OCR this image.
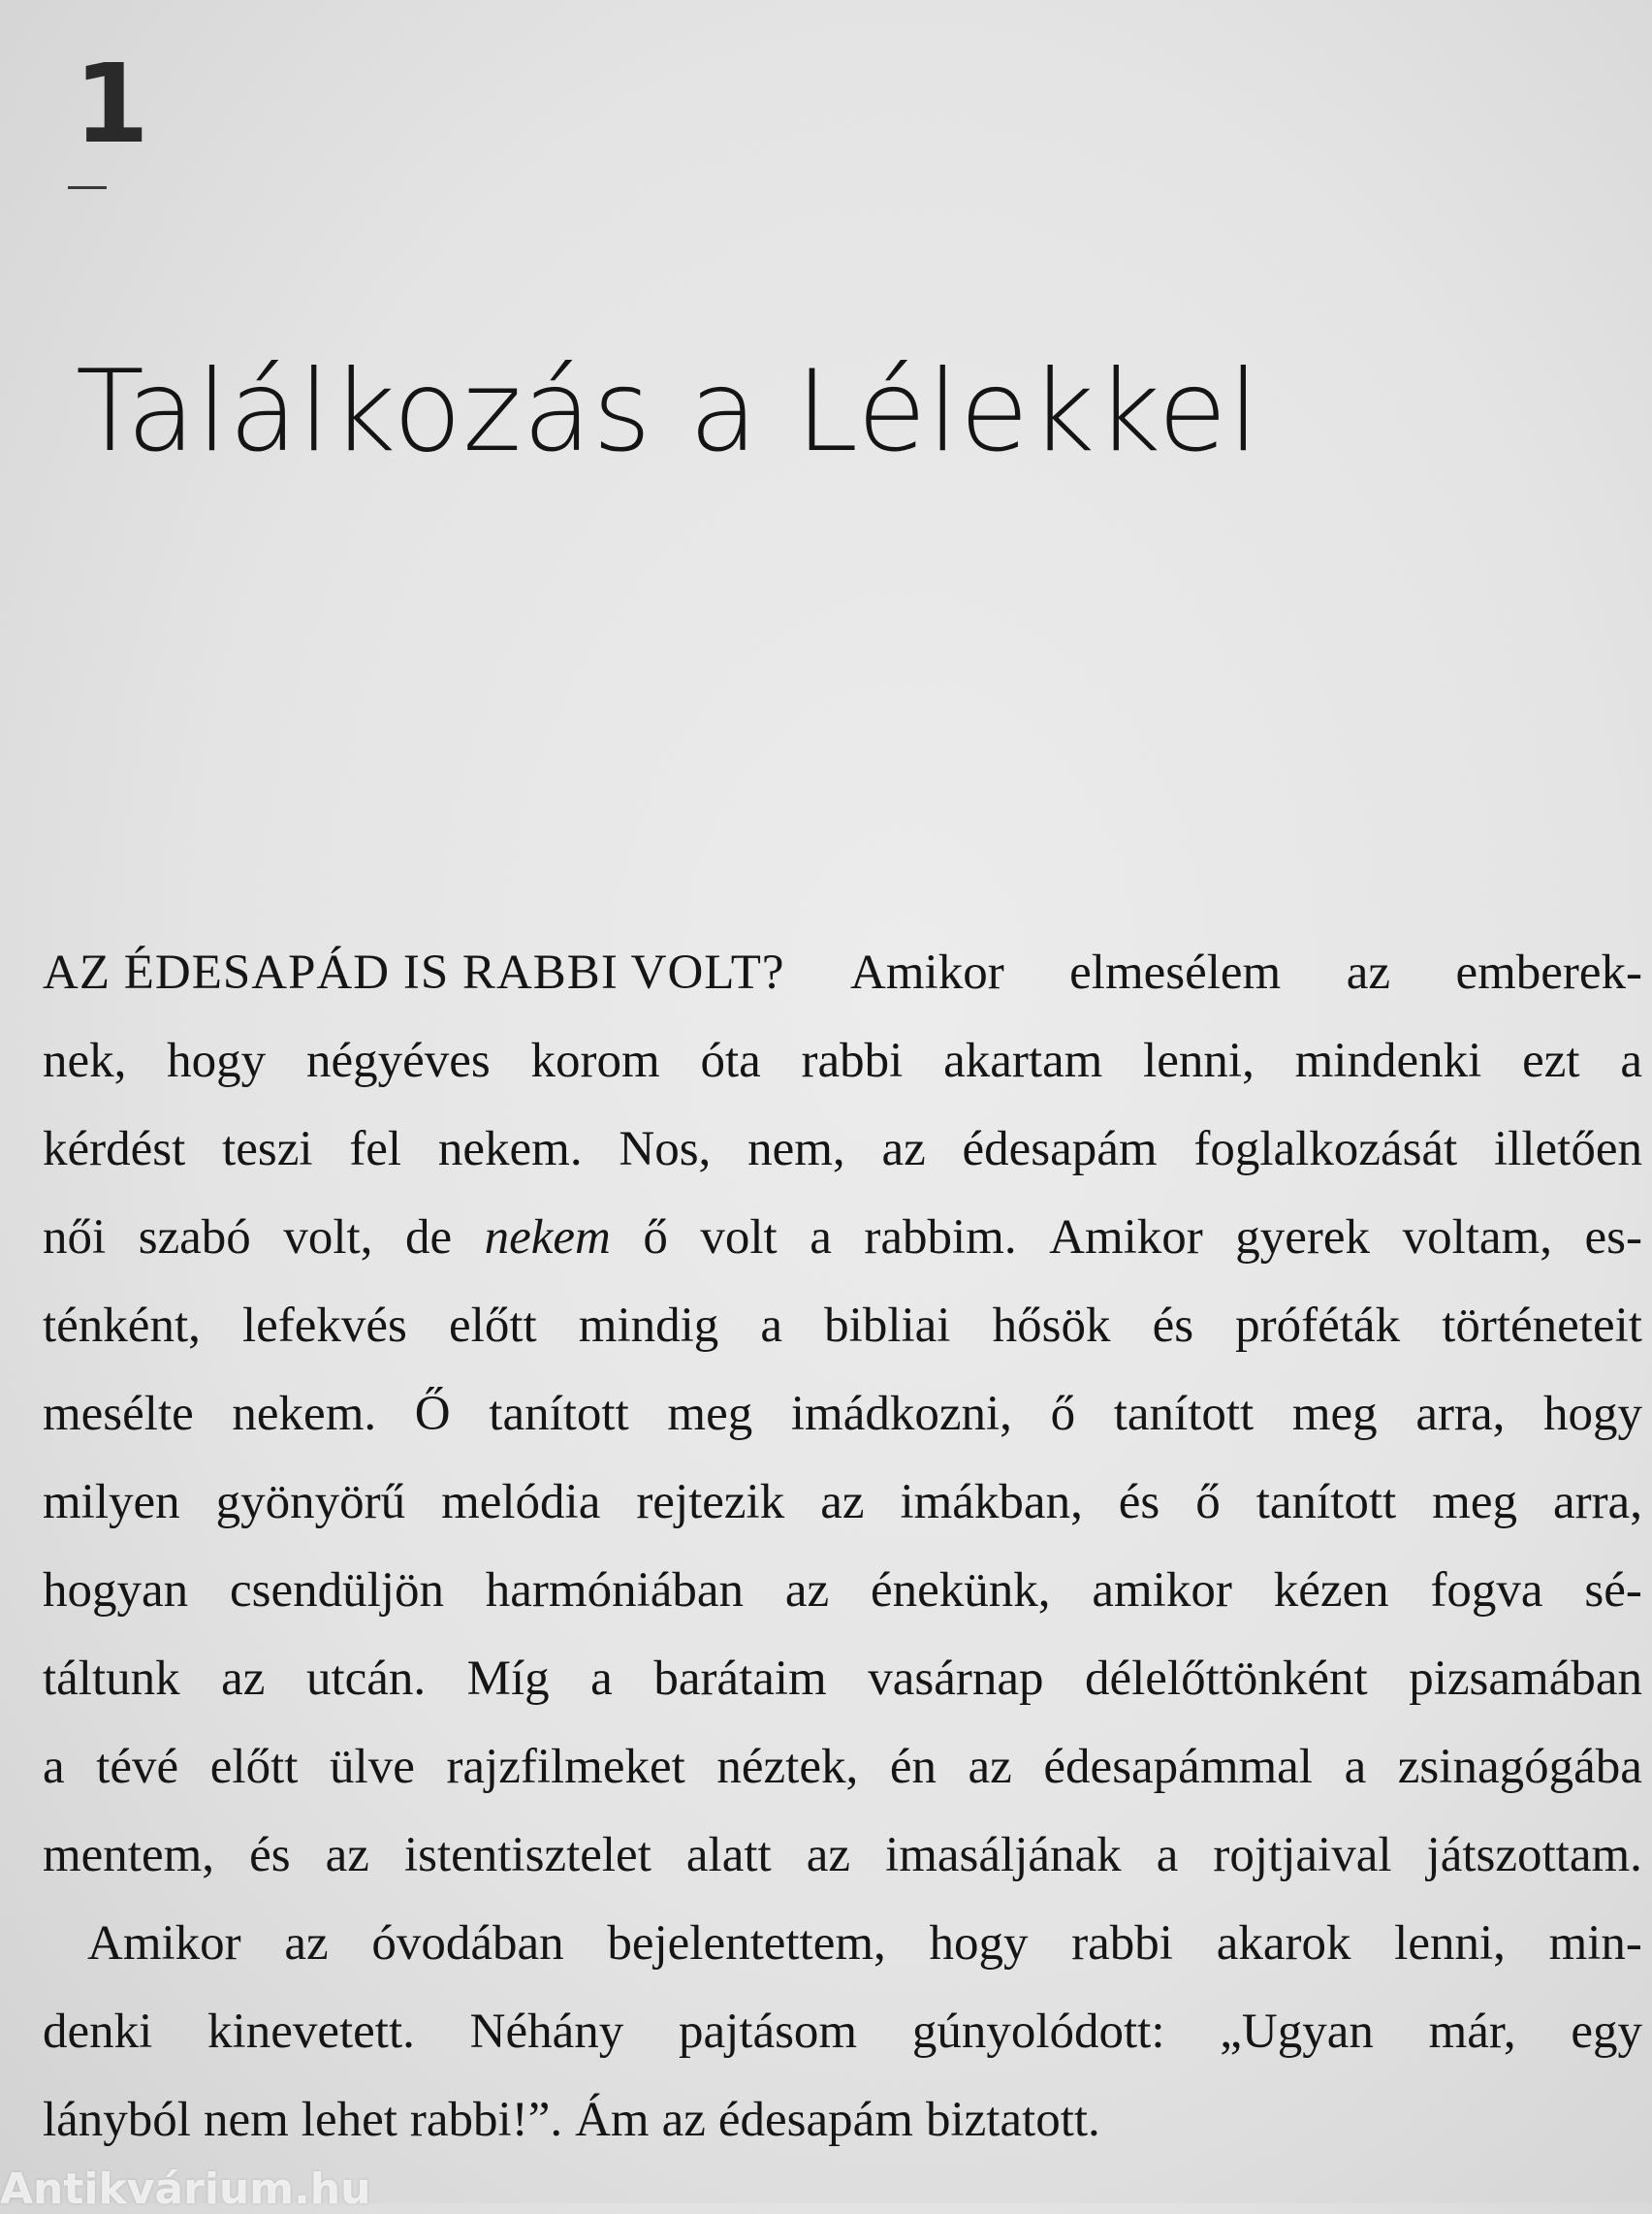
1
Találkozás a Lélekkel
AZ ÉDESAPÁD IS RABBI VOLT? Amikor elmesélem az emberek-
nek, hogy négyéves korom óta rabbi akartam lenni, mindenki ezt a
kérdést teszi fel nekem. Nos, nem, az édesapám foglalkozását illetően
női szabó volt, de nekem ő volt a rabbim. Amikor gyerek voltam, es-
ténként, lefekvés előtt mindig a bibliai hősök és próféták történeteit
mesélte nekem. Ő tanított meg imádkozni, ő tanított meg arra, hogy
milyen gyönyörű melódia rejtezik az imákban, és ő tanított meg arra,
hogyan csendüljön harmóniában az énekünk, amikor kézen fogva sé-
táltunk az utcán. Míg a barátaim vasárnap délelőttönként pizsamában
a tévé előtt ülve rajzfilmeket néztek, én az édesapámmal a zsinagógába
mentem, és az istentisztelet alatt az imasáljának a rojtjaival játszottam.
Amikor az óvodában bejelentettem, hogy rabbi akarok lenni, min-
denki kinevetett. Néhány pajtásom gúnyolódott: „Ugyan már, egy
lányból nem lehet rabbi!”. Ám az édesapám biztatott.
Antikvárium.hu
